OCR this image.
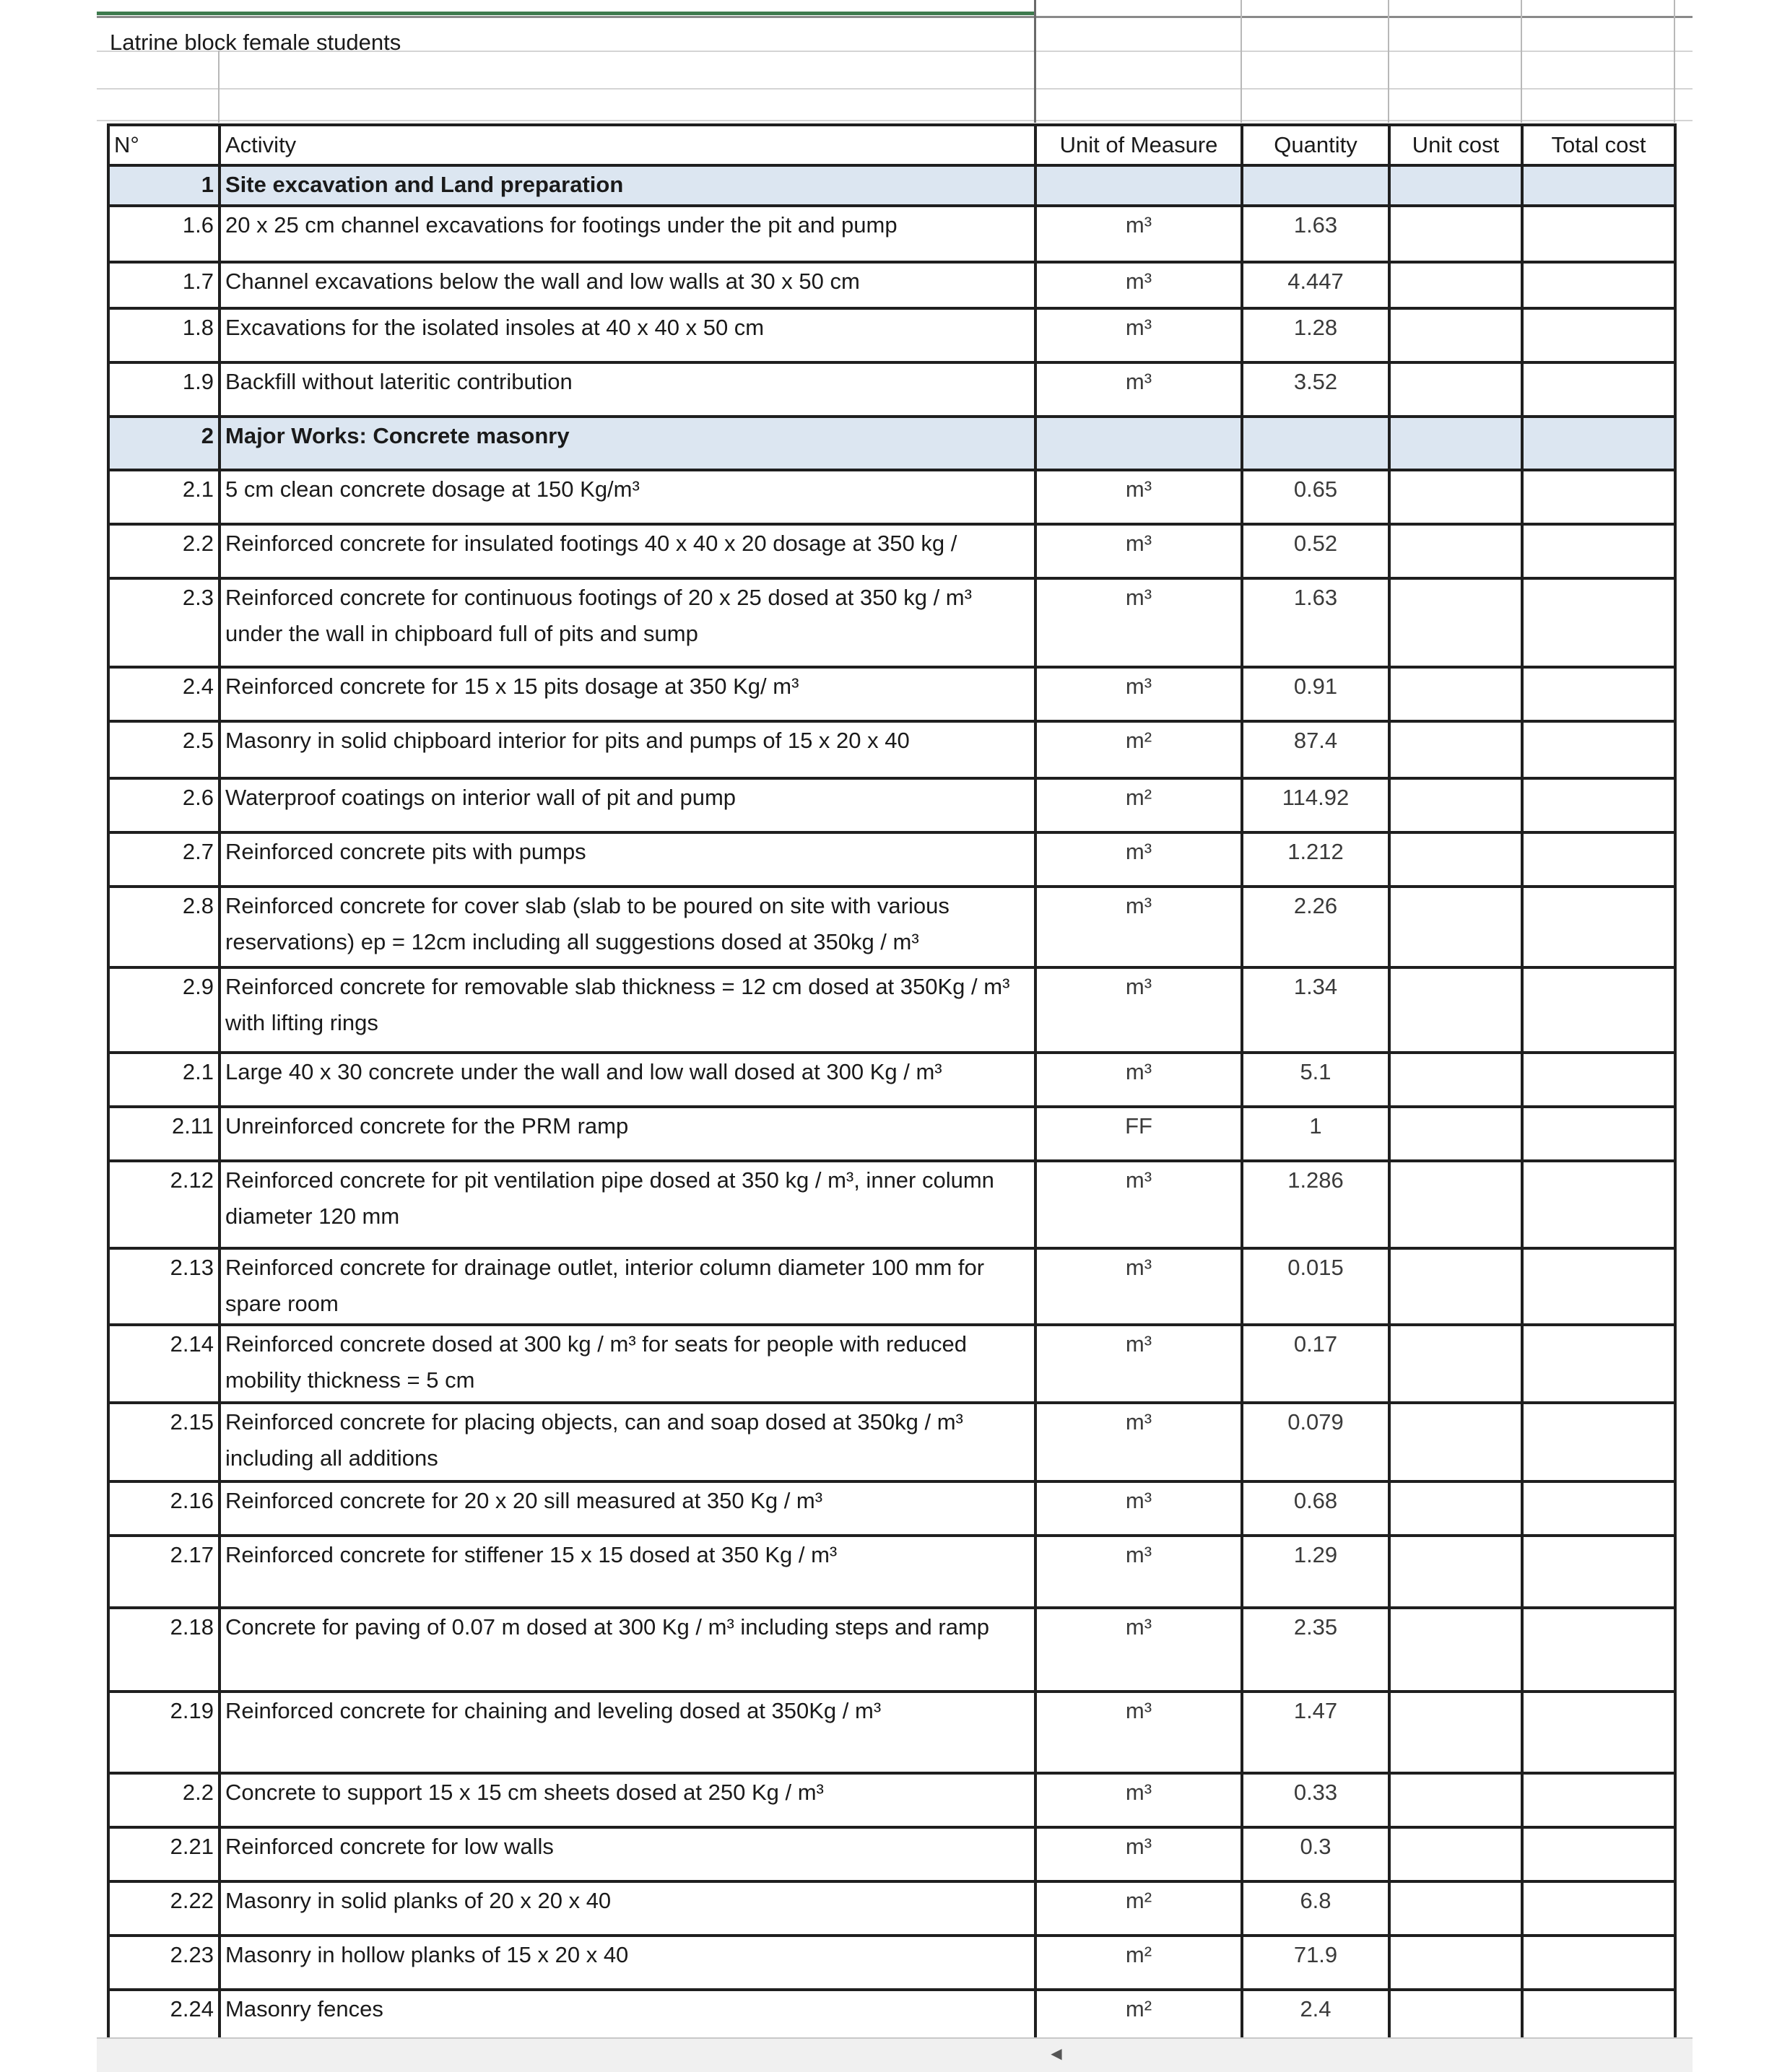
Latrine block female students
N°	Activity	Unit of Measure	Quantity	Unit cost	Total cost
1	Site excavation and Land preparation				
1.6	20 x 25 cm channel excavations for footings under the pit and pump	m³	1.63		
1.7	Channel excavations below the wall and low walls at 30 x 50 cm	m³	4.447		
1.8	Excavations for the isolated insoles at 40 x 40 x 50 cm	m³	1.28		
1.9	Backfill without lateritic contribution	m³	3.52		
2	Major Works: Concrete masonry				
2.1	5 cm clean concrete dosage at 150 Kg/m³	m³	0.65		
2.2	Reinforced concrete for insulated footings 40 x 40 x 20 dosage at 350 kg /	m³	0.52		
2.3	Reinforced concrete for continuous footings of 20 x 25 dosed at 350 kg / m³ under the wall in chipboard full of pits and sump	m³	1.63		
2.4	Reinforced concrete for 15 x 15 pits dosage at 350 Kg/ m³	m³	0.91		
2.5	Masonry in solid chipboard interior for pits and pumps of 15 x 20 x 40	m²	87.4		
2.6	Waterproof coatings on interior wall of pit and pump	m²	114.92		
2.7	Reinforced concrete pits with pumps	m³	1.212		
2.8	Reinforced concrete for cover slab (slab to be poured on site with various reservations) ep = 12cm including all suggestions dosed at 350kg / m³	m³	2.26		
2.9	Reinforced concrete for removable slab thickness = 12 cm dosed at 350Kg / m³ with lifting rings	m³	1.34		
2.1	Large 40 x 30 concrete under the wall and low wall dosed at 300 Kg / m³	m³	5.1		
2.11	Unreinforced concrete for the PRM ramp	FF	1		
2.12	Reinforced concrete for pit ventilation pipe dosed at 350 kg / m³, inner column diameter 120 mm	m³	1.286		
2.13	Reinforced concrete for drainage outlet, interior column diameter 100 mm for spare room	m³	0.015		
2.14	Reinforced concrete dosed at 300 kg / m³ for seats for people with reduced mobility thickness = 5 cm	m³	0.17		
2.15	Reinforced concrete for placing objects, can and soap dosed at 350kg / m³ including all additions	m³	0.079		
2.16	Reinforced concrete for 20 x 20 sill measured at 350 Kg / m³	m³	0.68		
2.17	Reinforced concrete for stiffener 15 x 15 dosed at 350 Kg / m³	m³	1.29		
2.18	Concrete for paving of 0.07 m dosed at 300 Kg / m³ including steps and ramp	m³	2.35		
2.19	Reinforced concrete for chaining and leveling dosed at 350Kg / m³	m³	1.47		
2.2	Concrete to support 15 x 15 cm sheets dosed at 250 Kg / m³	m³	0.33		
2.21	Reinforced concrete for low walls	m³	0.3		
2.22	Masonry in solid planks of 20 x 20 x 40	m²	6.8		
2.23	Masonry in hollow planks of 15 x 20 x 40	m²	71.9		
2.24	Masonry fences	m²	2.4		
◀
